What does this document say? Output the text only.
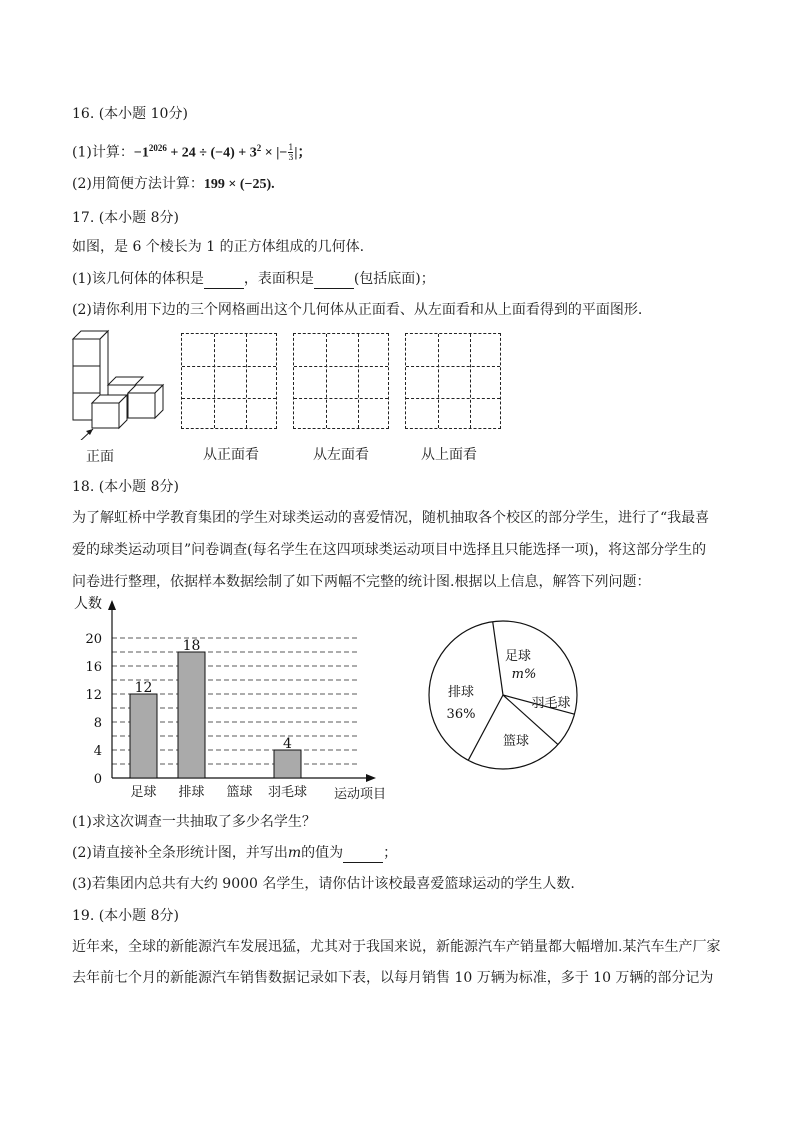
16. (本小题 10分)
(1)计算：$-1^{2026} + 24 \div (-4) + 3^2$ × |− $\frac{1}{3}$ |；
(2)用简便方法计算：199 × (−25).
17. (本小题 8分)
如图，是 6 个棱长为 1 的正方体组成的几何体.
(1)该几何体的体积是	，表面积是	(包括底面)；
(2)请你利用下边的三个网格画出这个几何体从正面看、从左面看和从上面看得到的平面图形.
正面	从正面看	从左面看	从上面看
18. (本小题 8分)
为了解虹桥中学教育集团的学生对球类运动的喜爱情况，随机抽取各个校区的部分学生，进行了“我最喜
爱的球类运动项目”问卷调查(每名学生在这四项球类运动项目中选择且只能选择一项)，将这部分学生的
问卷进行整理，依据样本数据绘制了如下两幅不完整的统计图.根据以上信息，解答下列问题：
人数
0
4
8
12
16
20
12
足球
18
排球 篮球
4
羽毛球 运动项目
足球
m%
羽毛球
篮球
排球
36%
(1)求这次调查一共抽取了多少名学生？
(2)请直接补全条形统计图，并写出m的值为	；
(3)若集团内总共有大约 9000 名学生，请你估计该校最喜爱篮球运动的学生人数.
19. (本小题 8分)
近年来，全球的新能源汽车发展迅猛，尤其对于我国来说，新能源汽车产销量都大幅增加.某汽车生产厂家
去年前七个月的新能源汽车销售数据记录如下表，以每月销售 10 万辆为标准，多于 10 万辆的部分记为
